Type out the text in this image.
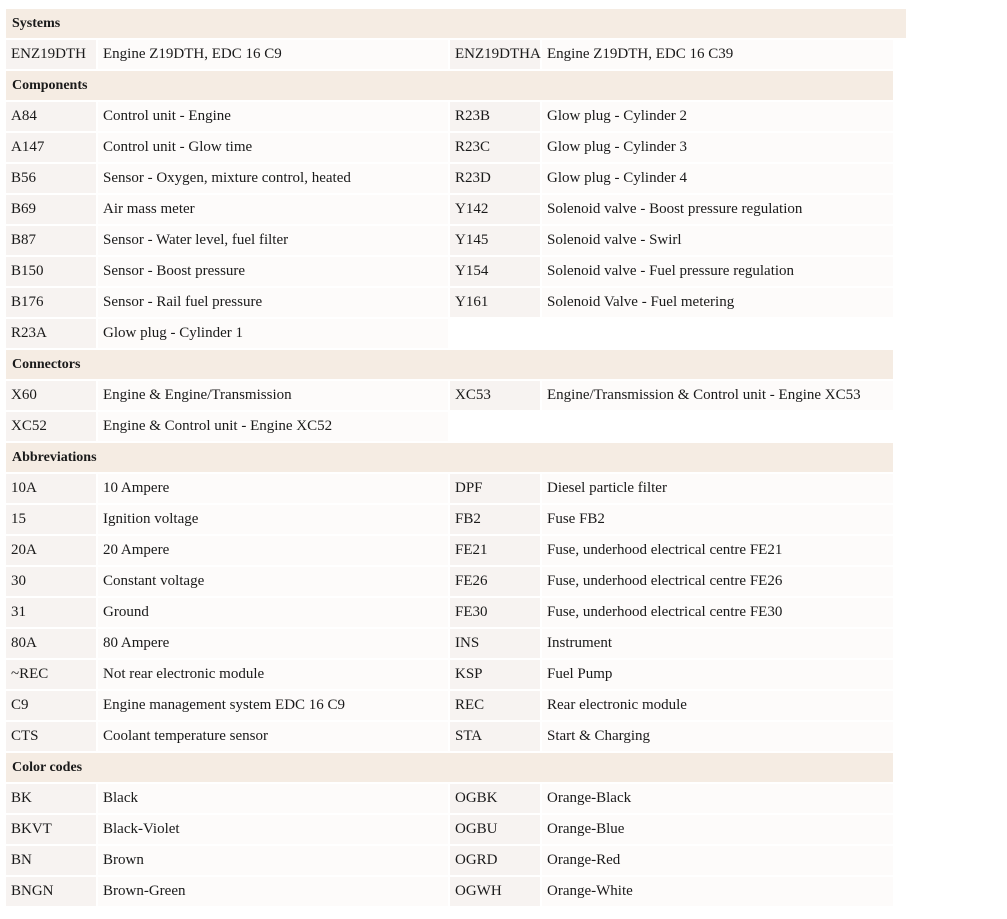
Systems
ENZ19DTH	Engine Z19DTH, EDC 16 C9	ENZ19DTHA Engine Z19DTH, EDC 16 C39
Components
A84	Control unit - Engine	R23B	Glow plug - Cylinder 2
A147	Control unit - Glow time	R23C	Glow plug - Cylinder 3
B56	Sensor - Oxygen, mixture control, heated	R23D	Glow plug - Cylinder 4
B69	Air mass meter	Y142	Solenoid valve - Boost pressure regulation
B87	Sensor - Water level, fuel filter	Y145	Solenoid valve - Swirl
B150	Sensor - Boost pressure	Y154	Solenoid valve - Fuel pressure regulation
B176	Sensor - Rail fuel pressure	Y161	Solenoid Valve - Fuel metering
R23A	Glow plug - Cylinder 1
Connectors
X60	Engine & Engine/Transmission	XC53	Engine/Transmission & Control unit - Engine XC53
XC52	Engine & Control unit - Engine XC52
Abbreviations
10A	10 Ampere	DPF	Diesel particle filter
15	Ignition voltage	FB2	Fuse FB2
20A	20 Ampere	FE21	Fuse, underhood electrical centre FE21
30	Constant voltage	FE26	Fuse, underhood electrical centre FE26
31	Ground	FE30	Fuse, underhood electrical centre FE30
80A	80 Ampere	INS	Instrument
~REC	Not rear electronic module	KSP	Fuel Pump
C9	Engine management system EDC 16 C9	REC	Rear electronic module
CTS	Coolant temperature sensor	STA	Start & Charging
Color codes
BK	Black	OGBK	Orange-Black
BKVT	Black-Violet	OGBU	Orange-Blue
BN	Brown	OGRD	Orange-Red
BNGN	Brown-Green	OGWH	Orange-White
